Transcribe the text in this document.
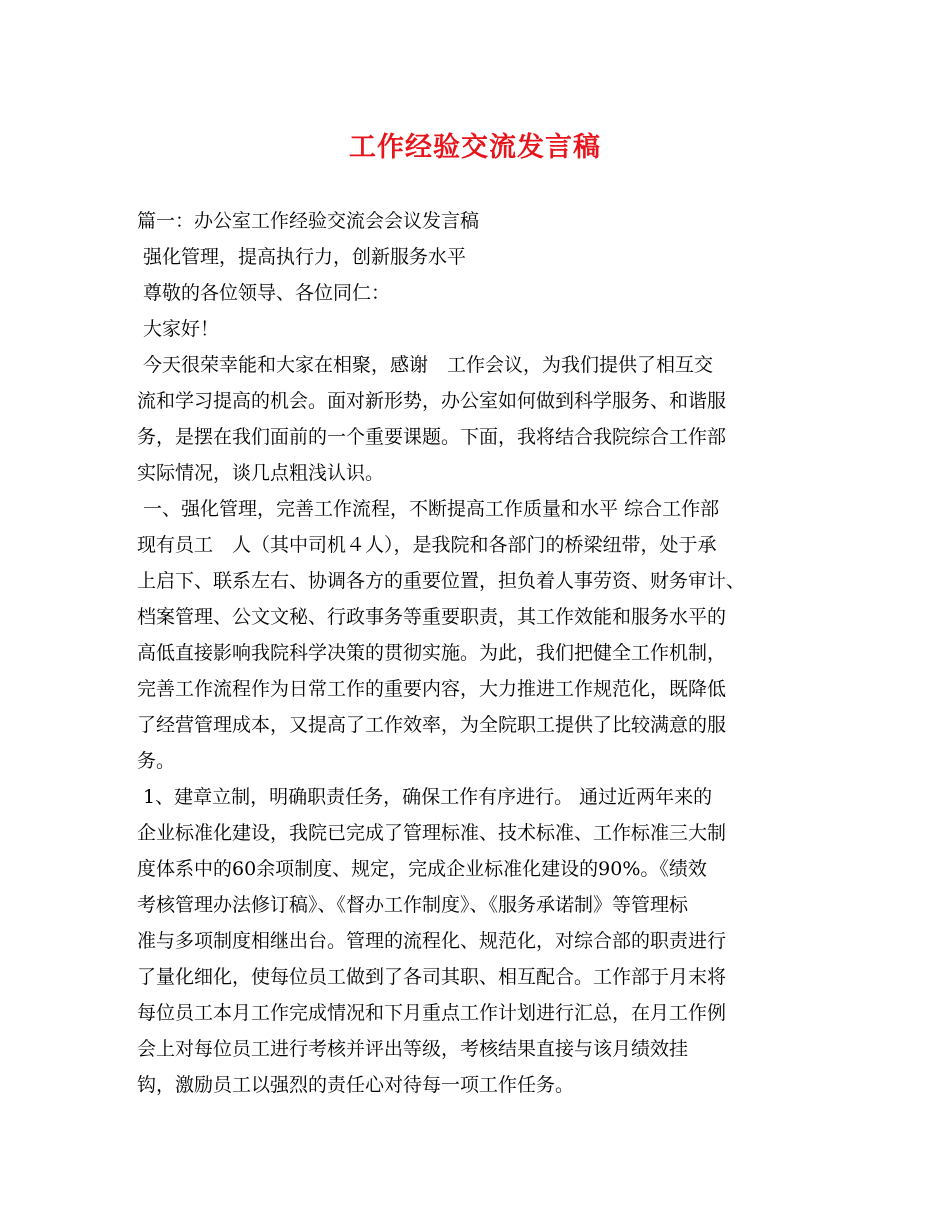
工作经验交流发言稿
篇一：办公室工作经验交流会会议发言稿
强化管理，提高执行力，创新服务水平
尊敬的各位领导、各位同仁：
大家好！
今天很荣幸能和大家在相聚，感谢　工作会议，为我们提供了相互交
流和学习提高的机会。面对新形势，办公室如何做到科学服务、和谐服
务，是摆在我们面前的一个重要课题。下面，我将结合我院综合工作部
实际情况，谈几点粗浅认识。
一、强化管理，完善工作流程，不断提高工作质量和水平 综合工作部
现有员工　人（其中司机４人），是我院和各部门的桥梁纽带，处于承
上启下、联系左右、协调各方的重要位置，担负着人事劳资、财务审计、
档案管理、公文文秘、行政事务等重要职责，其工作效能和服务水平的
高低直接影响我院科学决策的贯彻实施。为此，我们把健全工作机制，
完善工作流程作为日常工作的重要内容，大力推进工作规范化，既降低
了经营管理成本，又提高了工作效率，为全院职工提供了比较满意的服
务。
1、建章立制，明确职责任务，确保工作有序进行。 通过近两年来的
企业标准化建设，我院已完成了管理标准、技术标准、工作标准三大制
度体系中的60余项制度、规定，完成企业标准化建设的90%。《绩效
考核管理办法修订稿》、《督办工作制度》、《服务承诺制》等管理标
准与多项制度相继出台。管理的流程化、规范化，对综合部的职责进行
了量化细化，使每位员工做到了各司其职、相互配合。工作部于月末将
每位员工本月工作完成情况和下月重点工作计划进行汇总，在月工作例
会上对每位员工进行考核并评出等级，考核结果直接与该月绩效挂
钩，激励员工以强烈的责任心对待每一项工作任务。
